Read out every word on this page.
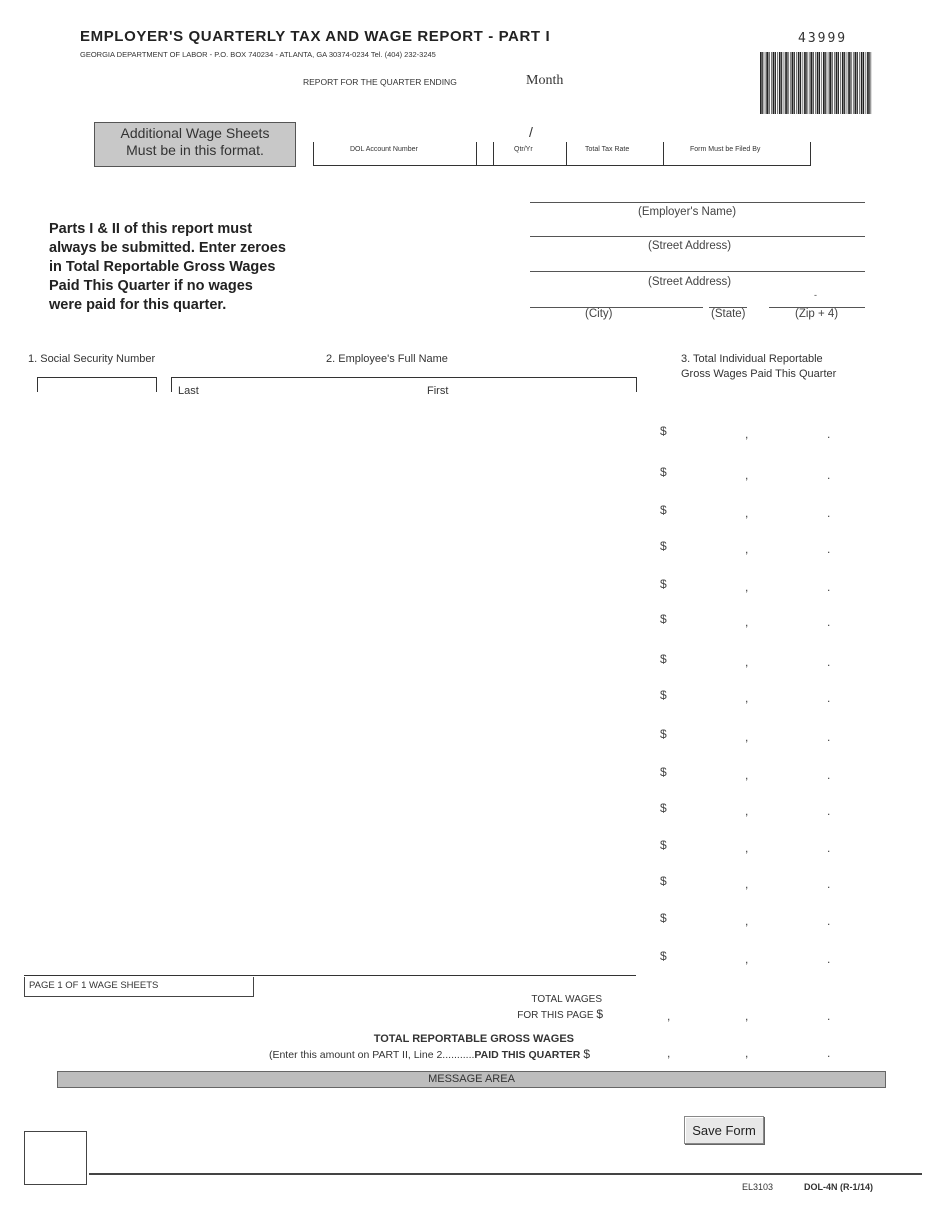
EMPLOYER'S QUARTERLY TAX AND WAGE REPORT - PART I
GEORGIA DEPARTMENT OF LABOR - P.O. BOX 740234 - ATLANTA, GA 30374-0234 Tel. (404) 232-3245
43999
REPORT FOR THE QUARTER ENDING	Month
Additional Wage Sheets
Must be in this format.	DOL Account Number
/
Qtr/Yr	Total Tax Rate	Form Must be Filed By
Parts I & II of this report must
always be submitted. Enter zeroes
in Total Reportable Gross Wages
Paid This Quarter if no wages
were paid for this quarter.
(Employer's Name)
(Street Address)
(Street Address)
(City)	(State)	(Zip + 4)
-
1. Social Security Number	2. Employee's Full Name	3. Total Individual Reportable
Gross Wages Paid This Quarter
Last	First
$	,	.
$	,	.
$	,	.
$	,	.
$	,	.
$	,	.
$	,	.
$	,	.
$	,	.
$	,	.
$	,	.
$	,	.
$	,	.
$	,	.
$	,	.
PAGE 1 OF 1 WAGE SHEETS
TOTAL WAGES
FOR THIS PAGE $	,	,	.
TOTAL REPORTABLE GROSS WAGES
(Enter this amount on PART II, Line 2...........PAID THIS QUARTER $	,	,	.
MESSAGE AREA
Save Form
EL3103	DOL-4N (R-1/14)
